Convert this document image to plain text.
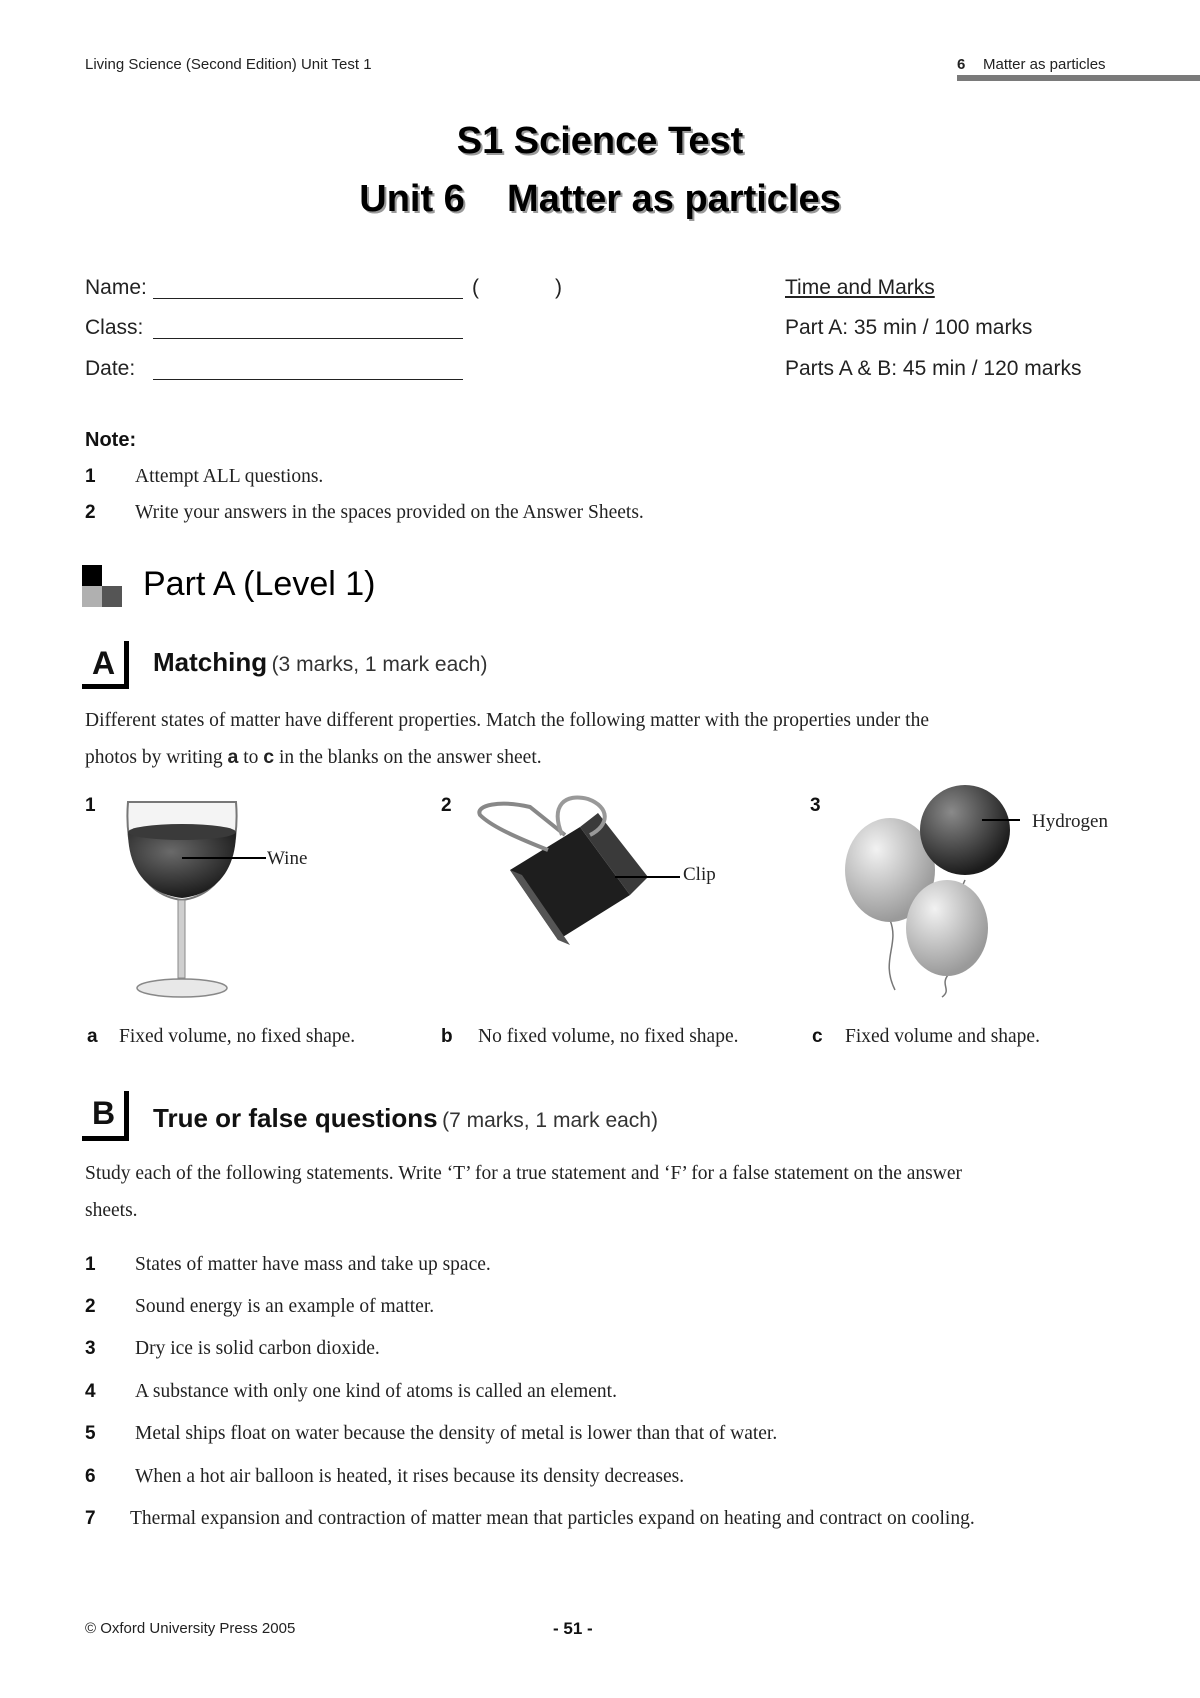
Living Science (Second Edition) Unit Test 1	6 Matter as particles
S1 Science Test
Unit 6    Matter as particles
Name:	(	)
Class:
Date:
Time and Marks
Part A: 35 min / 100 marks
Parts A & B: 45 min / 120 marks
Note:
1 Attempt ALL questions.
2 Write your answers in the spaces provided on the Answer Sheets.
Part A (Level 1)
A Matching (3 marks, 1 mark each)
Different states of matter have different properties. Match the following matter with the properties under the
photos by writing a to c in the blanks on the answer sheet.
1	2	3
Wine
Clip
Hydrogen
a Fixed volume, no fixed shape.	b No fixed volume, no fixed shape.	c Fixed volume and shape.
B True or false questions (7 marks, 1 mark each)
Study each of the following statements. Write ‘T’ for a true statement and ‘F’ for a false statement on the answer
sheets.
1 States of matter have mass and take up space.
2 Sound energy is an example of matter.
3 Dry ice is solid carbon dioxide.
4 A substance with only one kind of atoms is called an element.
5 Metal ships float on water because the density of metal is lower than that of water.
6 When a hot air balloon is heated, it rises because its density decreases.
7 Thermal expansion and contraction of matter mean that particles expand on heating and contract on cooling.
© Oxford University Press 2005	- 51 -
